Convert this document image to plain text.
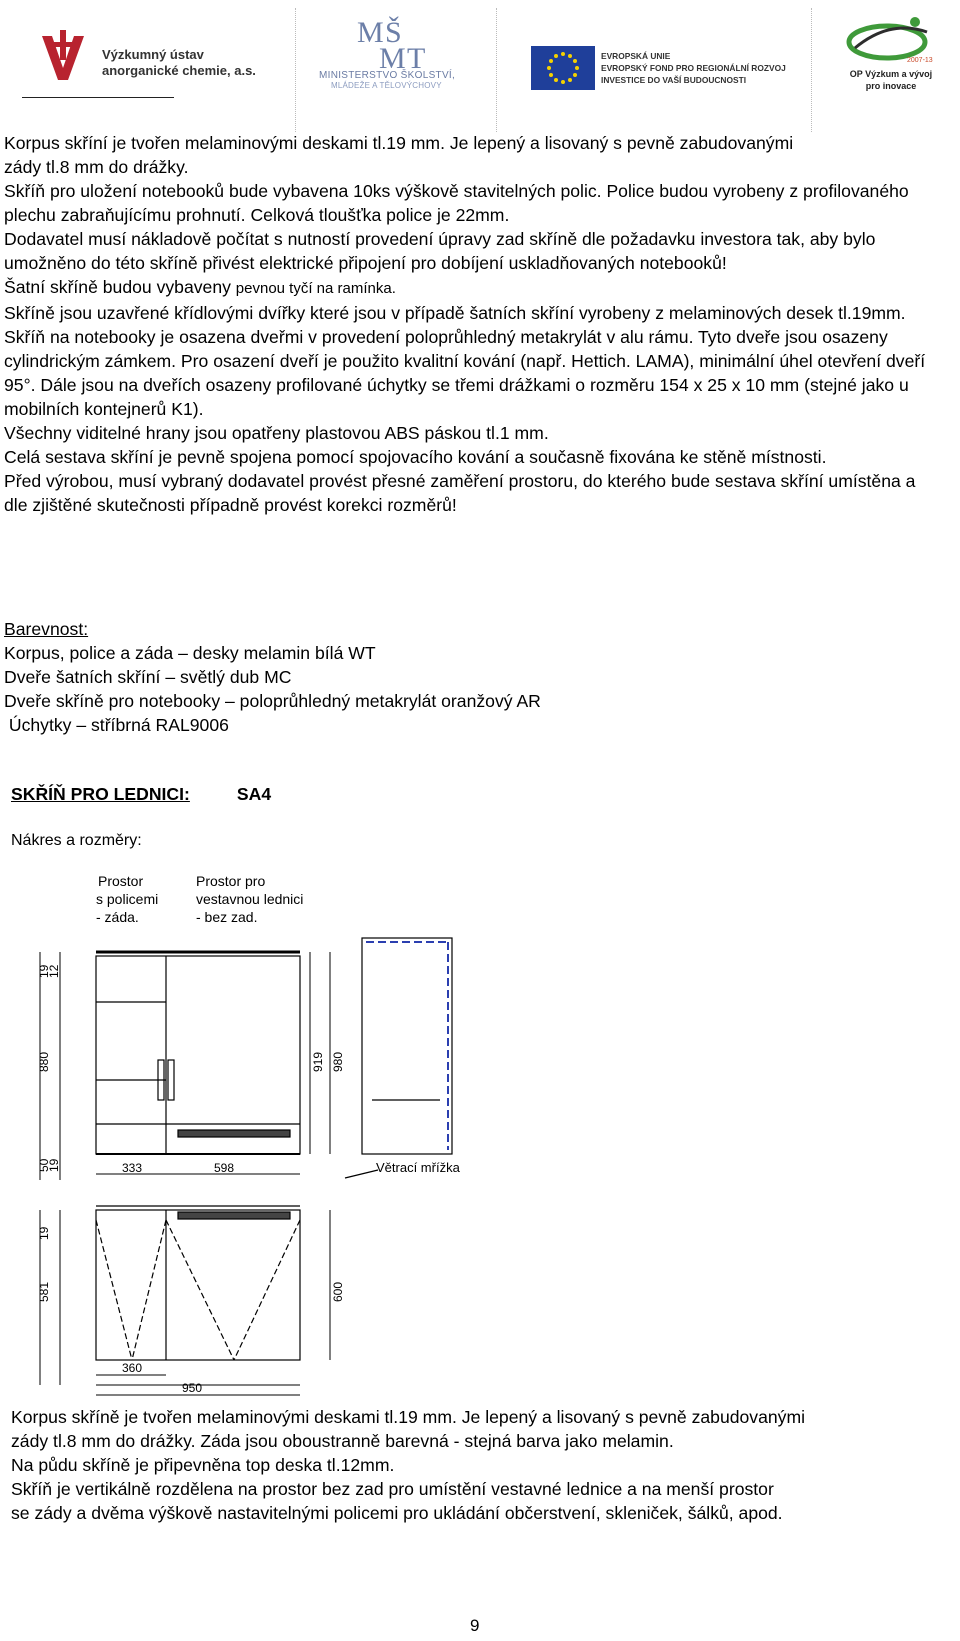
Výzkumný ústav
anorganické chemie, a.s.
M Š
M T
MINISTERSTVO ŠKOLSTVÍ,
MLÁDEŽE A TĚLOVÝCHOVY
EVROPSKÁ UNIE
EVROPSKÝ FOND PRO REGIONÁLNÍ ROZVOJ
INVESTICE DO VAŠÍ BUDOUCNOSTI
2007-13
OP Výzkum a vývoj
pro inovace

Korpus skříní je tvořen melaminovými deskami tl.19 mm. Je lepený a lisovaný s pevně zabudovanými zády tl.8 mm do drážky.

Skříň pro uložení notebooků bude vybavena 10ks výškově stavitelných polic. Police budou vyrobeny z profilovaného plechu zabraňujícímu prohnutí. Celková tloušťka police je 22mm.

Dodavatel musí nákladově počítat s nutností provedení úpravy zad skříně dle požadavku investora tak, aby bylo umožněno do této skříně přivést elektrické připojení pro dobíjení uskladňovaných notebooků!

Šatní skříně budou vybaveny pevnou tyčí na ramínka.

Skříně jsou uzavřené křídlovými dvířky které jsou v případě šatních skříní vyrobeny z melaminových desek tl.19mm.

Skříň na notebooky je osazena dveřmi v provedení poloprůhledný metakrylát v alu rámu. Tyto dveře jsou osazeny cylindrickým zámkem. Pro osazení dveří je použito kvalitní kování (např. Hettich. LAMA), minimální úhel otevření dveří 95°. Dále jsou na dveřích osazeny profilované úchytky se třemi drážkami o rozměru 154 x 25 x 10 mm (stejné jako u mobilních kontejnerů K1).

Všechny viditelné hrany jsou opatřeny plastovou ABS páskou tl.1 mm.

Celá sestava skříní je pevně spojena pomocí spojovacího kování a současně fixována ke stěně místnosti.

Před výrobou, musí vybraný dodavatel provést přesné zaměření prostoru, do kterého bude sestava skříní umístěna a dle zjištěné skutečnosti případně provést korekci rozměrů!

Barevnost:

Korpus, police a záda – desky melamin bílá WT

Dveře šatních skříní – světlý dub MC

Dveře skříně pro notebooky – poloprůhledný metakrylát oranžový AR

Úchytky – stříbrná RAL9006

SKŘÍŇ PRO LEDNICI: SA4
Nákres a rozměry:
Prostor
s policemi
- záda.
Prostor pro
vestavnou lednici
- bez zad.
19
12
880	919 980
50
19	333	598
19
581	600
360
950
Větrací mřížka

Korpus skříně je tvořen melaminovými deskami tl.19 mm. Je lepený a lisovaný s pevně zabudovanými zády tl.8 mm do drážky. Záda jsou oboustranně barevná - stejná barva jako melamin.

Na půdu skříně je připevněna top deska tl.12mm.

Skříň je vertikálně rozdělena na prostor bez zad pro umístění vestavné lednice a na menší prostor se zády a dvěma výškově nastavitelnými policemi pro ukládání občerstvení, skleniček, šálků, apod.

9
